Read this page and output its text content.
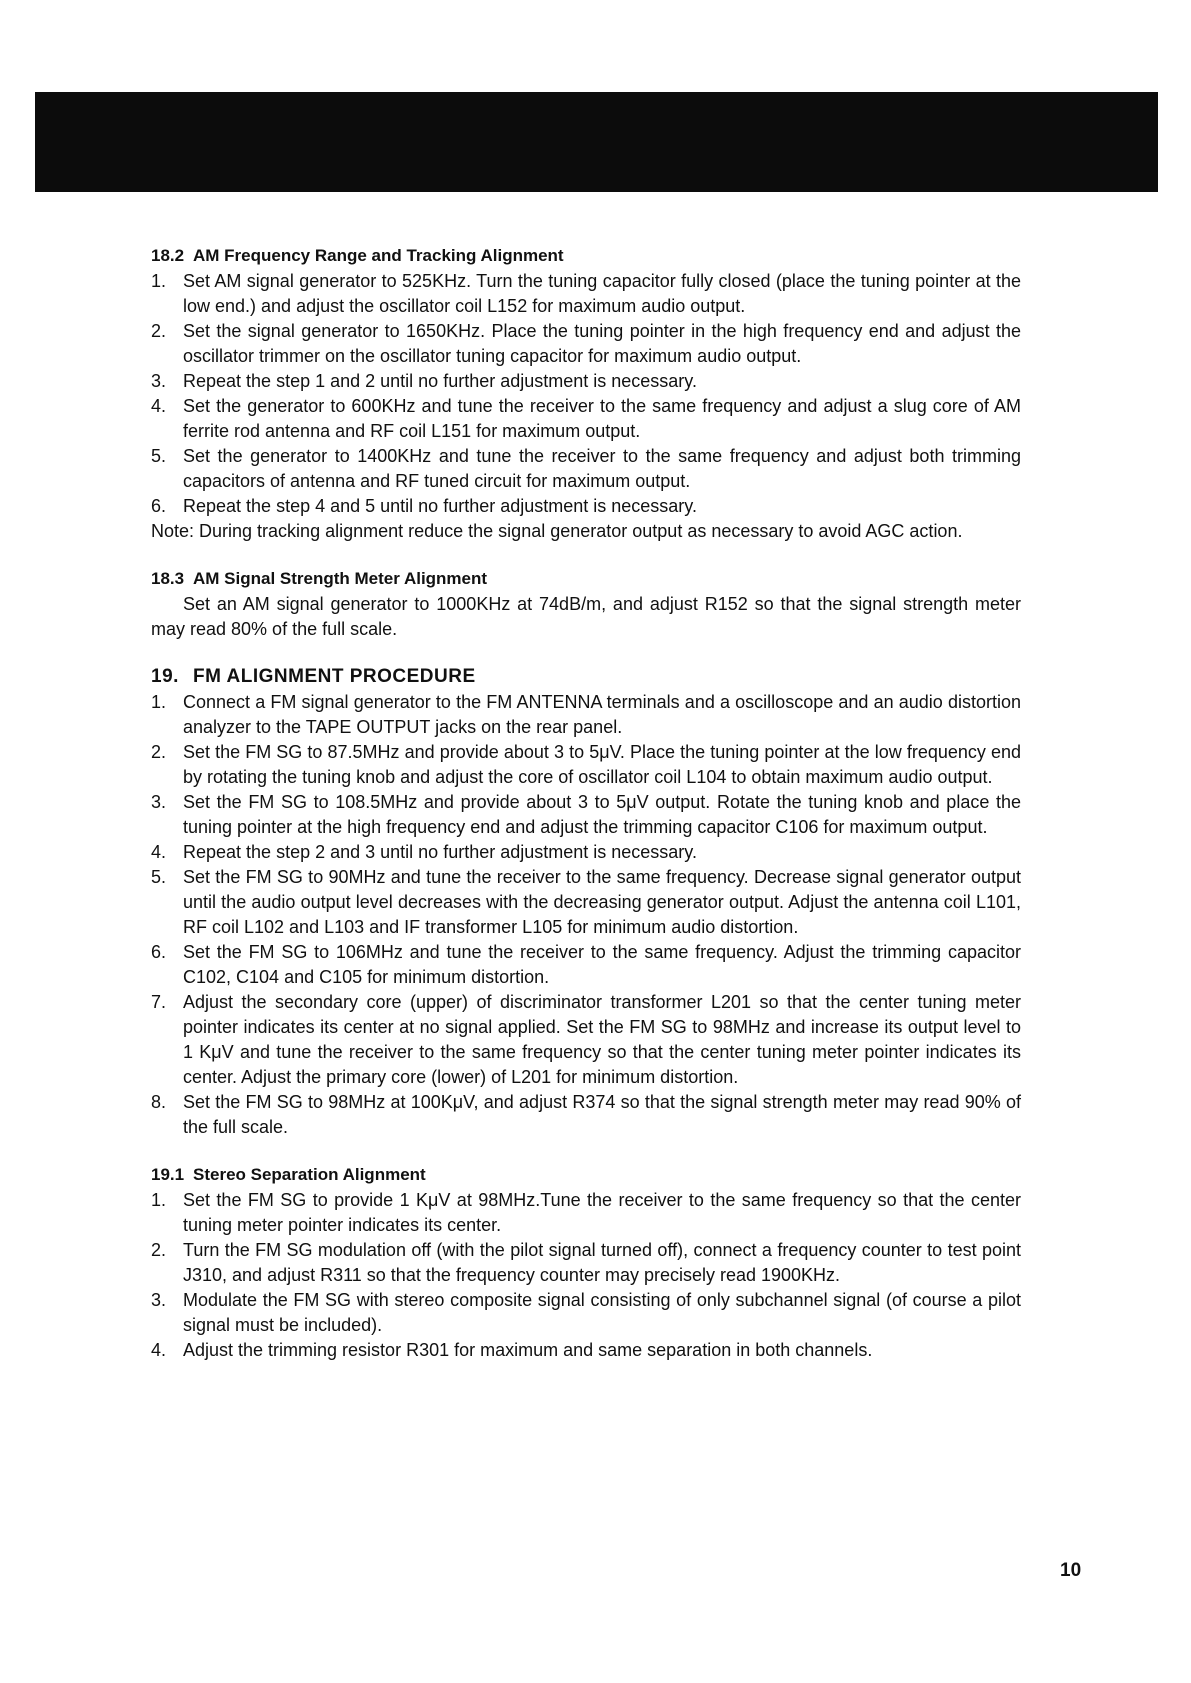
18.2 AM Frequency Range and Tracking Alignment
1. Set AM signal generator to 525KHz. Turn the tuning capacitor fully closed (place the tuning pointer at the low end.) and adjust the oscillator coil L152 for maximum audio output.
2. Set the signal generator to 1650KHz. Place the tuning pointer in the high frequency end and adjust the oscillator trimmer on the oscillator tuning capacitor for maximum audio output.
3. Repeat the step 1 and 2 until no further adjustment is necessary.
4. Set the generator to 600KHz and tune the receiver to the same frequency and adjust a slug core of AM ferrite rod antenna and RF coil L151 for maximum output.
5. Set the generator to 1400KHz and tune the receiver to the same frequency and adjust both trimming capacitors of antenna and RF tuned circuit for maximum output.
6. Repeat the step 4 and 5 until no further adjustment is necessary.
Note: During tracking alignment reduce the signal generator output as necessary to avoid AGC action.
18.3 AM Signal Strength Meter Alignment

Set an AM signal generator to 1000KHz at 74dB/m, and adjust R152 so that the signal strength meter may read 80% of the full scale.

19. FM ALIGNMENT PROCEDURE
1. Connect a FM signal generator to the FM ANTENNA terminals and a oscilloscope and an audio distortion analyzer to the TAPE OUTPUT jacks on the rear panel.
2. Set the FM SG to 87.5MHz and provide about 3 to 5μV. Place the tuning pointer at the low frequency end by rotating the tuning knob and adjust the core of oscillator coil L104 to obtain maximum audio output.
3. Set the FM SG to 108.5MHz and provide about 3 to 5μV output. Rotate the tuning knob and place the tuning pointer at the high frequency end and adjust the trimming capacitor C106 for maximum output.
4. Repeat the step 2 and 3 until no further adjustment is necessary.
5. Set the FM SG to 90MHz and tune the receiver to the same frequency. Decrease signal generator output until the audio output level decreases with the decreasing generator output. Adjust the antenna coil L101, RF coil L102 and L103 and IF transformer L105 for minimum audio distortion.
6. Set the FM SG to 106MHz and tune the receiver to the same frequency. Adjust the trimming capacitor C102, C104 and C105 for minimum distortion.
7. Adjust the secondary core (upper) of discriminator transformer L201 so that the center tuning meter pointer indicates its center at no signal applied. Set the FM SG to 98MHz and increase its output level to 1 KμV and tune the receiver to the same frequency so that the center tuning meter pointer indicates its center. Adjust the primary core (lower) of L201 for minimum distortion.
8. Set the FM SG to 98MHz at 100KμV, and adjust R374 so that the signal strength meter may read 90% of the full scale.
19.1 Stereo Separation Alignment
1. Set the FM SG to provide 1 KμV at 98MHz.Tune the receiver to the same frequency so that the center tuning meter pointer indicates its center.
2. Turn the FM SG modulation off (with the pilot signal turned off), connect a frequency counter to test point J310, and adjust R311 so that the frequency counter may precisely read 1900KHz.
3. Modulate the FM SG with stereo composite signal consisting of only subchannel signal (of course a pilot signal must be included).
4. Adjust the trimming resistor R301 for maximum and same separation in both channels.
10
